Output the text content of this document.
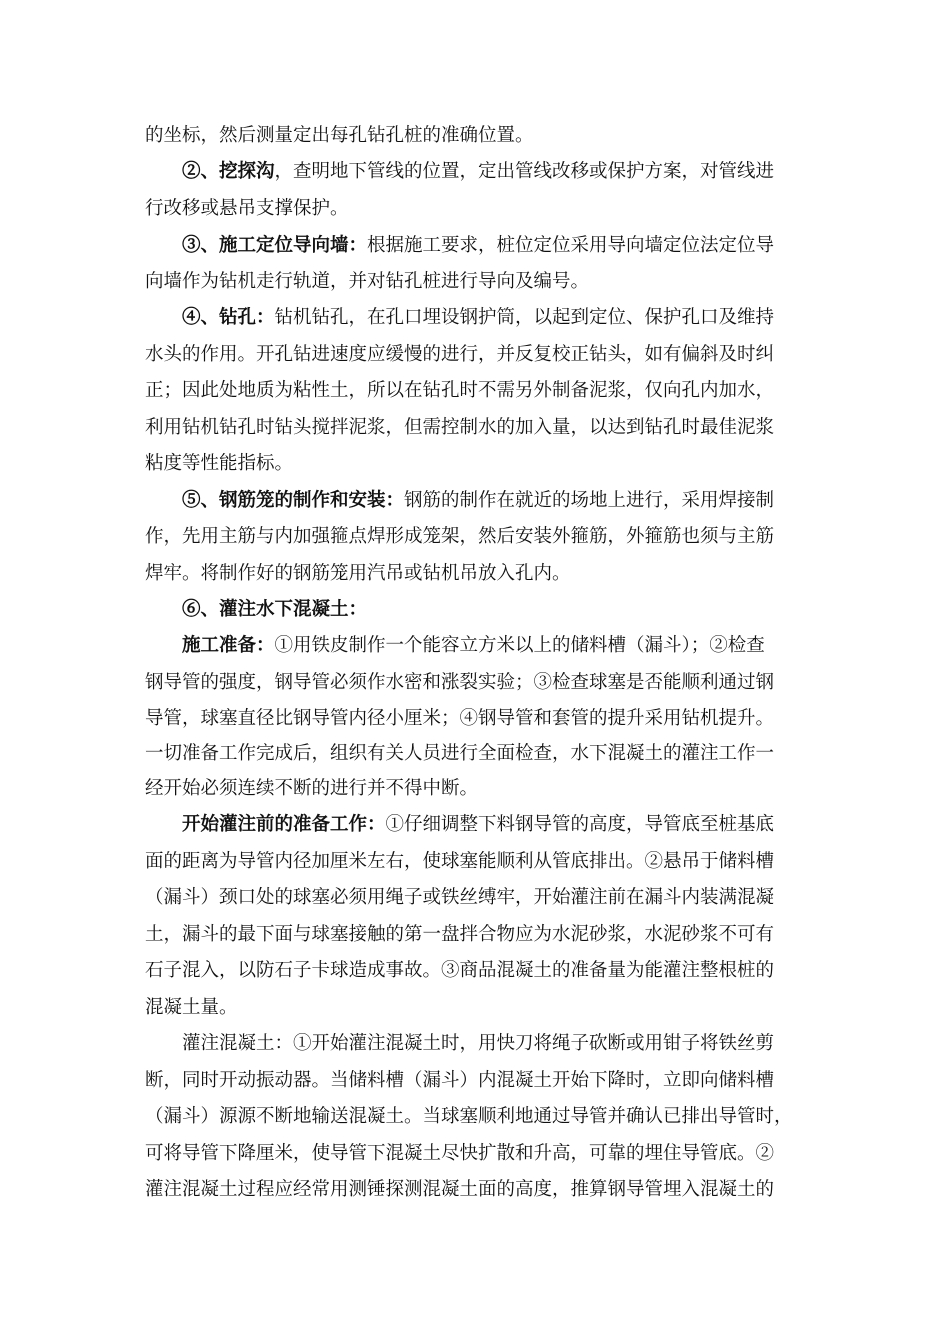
的坐标，然后测量定出每孔钻孔桩的准确位置。
②、挖探沟，查明地下管线的位置，定出管线改移或保护方案，对管线进
行改移或悬吊支撑保护。
③、施工定位导向墙：根据施工要求，桩位定位采用导向墙定位法定位导
向墙作为钻机走行轨道，并对钻孔桩进行导向及编号。
④、钻孔：钻机钻孔，在孔口埋设钢护筒，以起到定位、保护孔口及维持
水头的作用。开孔钻进速度应缓慢的进行，并反复校正钻头，如有偏斜及时纠
正；因此处地质为粘性土，所以在钻孔时不需另外制备泥浆，仅向孔内加水，
利用钻机钻孔时钻头搅拌泥浆，但需控制水的加入量，以达到钻孔时最佳泥浆
粘度等性能指标。
⑤、钢筋笼的制作和安装：钢筋的制作在就近的场地上进行，采用焊接制
作，先用主筋与内加强箍点焊形成笼架，然后安装外箍筋，外箍筋也须与主筋
焊牢。将制作好的钢筋笼用汽吊或钻机吊放入孔内。
⑥、灌注水下混凝土：
施工准备：①用铁皮制作一个能容立方米以上的储料槽（漏斗）；②检查
钢导管的强度，钢导管必须作水密和涨裂实验；③检查球塞是否能顺利通过钢
导管，球塞直径比钢导管内径小厘米；④钢导管和套管的提升采用钻机提升。
一切准备工作完成后，组织有关人员进行全面检查，水下混凝土的灌注工作一
经开始必须连续不断的进行并不得中断。
开始灌注前的准备工作：①仔细调整下料钢导管的高度，导管底至桩基底
面的距离为导管内径加厘米左右，使球塞能顺利从管底排出。②悬吊于储料槽
（漏斗）颈口处的球塞必须用绳子或铁丝缚牢，开始灌注前在漏斗内装满混凝
土，漏斗的最下面与球塞接触的第一盘拌合物应为水泥砂浆，水泥砂浆不可有
石子混入，以防石子卡球造成事故。③商品混凝土的准备量为能灌注整根桩的
混凝土量。
灌注混凝土：①开始灌注混凝土时，用快刀将绳子砍断或用钳子将铁丝剪
断，同时开动振动器。当储料槽（漏斗）内混凝土开始下降时，立即向储料槽
（漏斗）源源不断地输送混凝土。当球塞顺利地通过导管并确认已排出导管时，
可将导管下降厘米，使导管下混凝土尽快扩散和升高，可靠的埋住导管底。②
灌注混凝土过程应经常用测锤探测混凝土面的高度，推算钢导管埋入混凝土的
